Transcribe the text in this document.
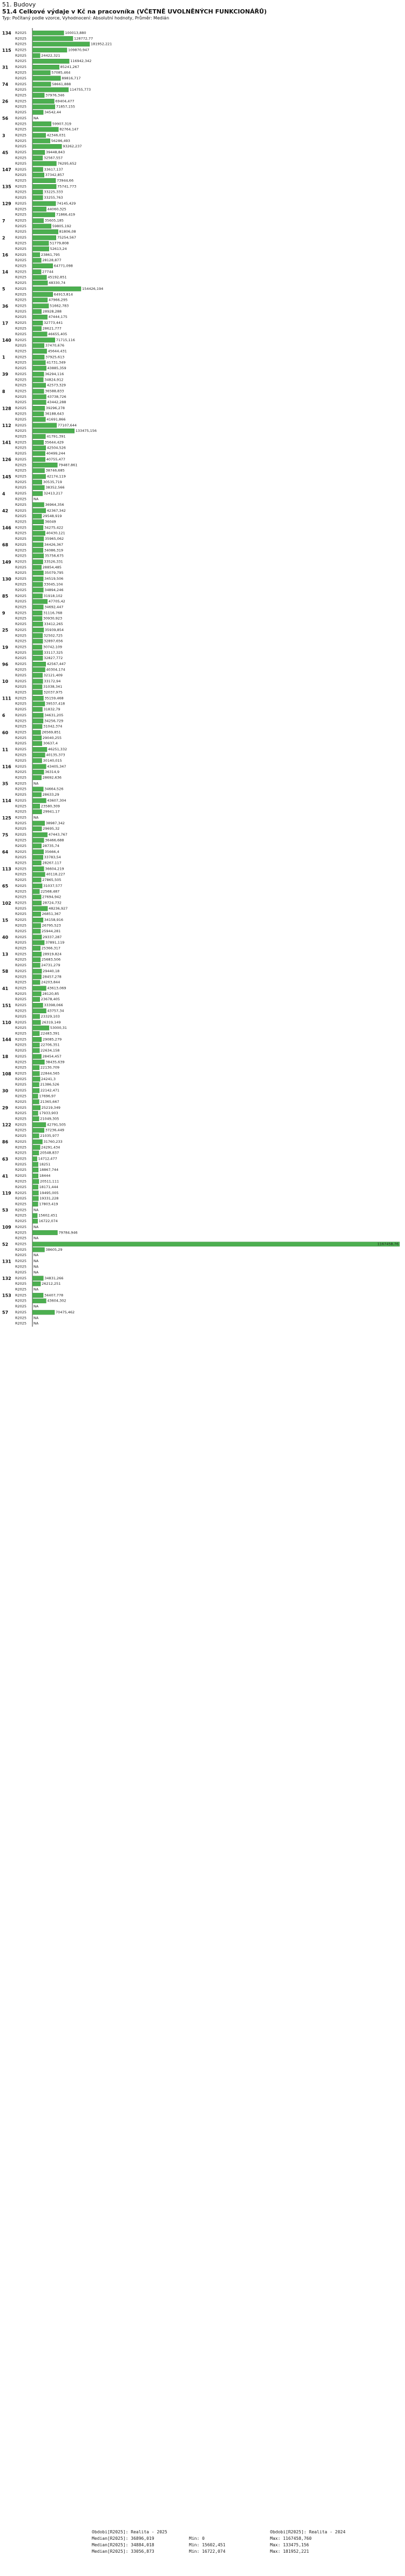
51. Budovy
51.4 Celkové výdaje v Kč na pracovníka (VČETNĚ UVOLNĚNÝCH FUNKCIONÁŘŮ)
Typ: Počítaný podle vzorce, Vyhodnocení: Absolutní hodnoty, Průměr: Medián
134 R2025	100013,880
R2025	128772,77
R2025	181952,221
115 R2025	109870,947
R2025	24422,321
R2025	116942,342
31 R2025	85241,267
R2025	57085,464
R2025	89816,717
74 R2025	58661,888
R2025	114755,773
R2025	37976,346
26 R2025	69404,477
R2025	71857,155
R2025	34542,44
56 R2025 NA
R2025	59907,319
R2025	82764,147
3	R2025	42346,031
R2025	56286,493
R2025	93262,237
45 R2025	39448,843
R2025	32567,557
R2025	76295,652
147 R2025	33617,137
R2025	37342,857
R2025	73944,66
135 R2025	75741,773
R2025	33225,333
R2025	33255,763
129 R2025	74145,429
R2025	44060,325
R2025	71866,419
7	R2025	35605,185
R2025	59805,192
R2025	81806,08
2	R2025	75254,567
R2025	51779,808
R2025	52613,24
16 R2025	23861,795
R2025	28128,877
R2025	64771,098
14 R2025	27744
R2025	45192,851
R2025	48330,74
5	R2025	154426,194
R2025	64913,814
R2025	47966,295
36 R2025	51662,783
R2025	28928,288
R2025	47444,175
17 R2025	32773,441
R2025	28621,777
R2025	46655,405
140 R2025	71715,116
R2025	37470,676
R2025	45644,431
1	R2025	37925,613
R2025	41731,349
R2025	43885,359
39 R2025	36294,116
R2025	34824,912
R2025	42573,329
8	R2025	36588,833
R2025	43738,726
R2025	43442,288
128 R2025	39296,278
R2025	36188,643
R2025	41691,866
112 R2025	77107,644
R2025	133475,156
R2025	41791,391
141 R2025	35644,429
R2025	42504,526
R2025	40499,244
126 R2025	40755,477
R2025	79487,861
R2025	38746,685
145 R2025	42174,119
R2025	30535,719
R2025	38352,566
4	R2025	32413,217
R2025 NA
R2025	36964,356
42 R2025	42367,342
R2025	29548,919
R2025	36049
146 R2025	34275,422
R2025	40430,121
R2025	35965,062
68 R2025	34426,367
R2025	34086,319
R2025	35756,675
149 R2025	33526,331
R2025	28854,485
R2025	35079,795
130 R2025	34519,506
R2025	33045,104
R2025	34894,246
85 R2025	31918,102
R2025	47705,42
R2025	34692,447
9	R2025	31116,768
R2025	30930,923
R2025	33412,265
25 R2025	35939,854
R2025	32502,725
R2025	32897,656
19 R2025	30742,109
R2025	33117,325
R2025	32827,772
96 R2025	42567,447
R2025	40304,174
R2025	32121,409
10 R2025	33172,94
R2025	31038,341
R2025	32037,975
111 R2025	35159,468
R2025	39537,418
R2025	31832,79
6	R2025	34631,205
R2025	34256,729
R2025	31042,374
60 R2025	26569,851
R2025	29040,255
R2025	30637,4
11 R2025	46251,332
R2025	40135,373
R2025	30140,015
116 R2025	43405,347
R2025	36314,9
R2025	28692,636
35 R2025 NA
R2025	34664,526
R2025	28633,29
114 R2025	43607,304
R2025	23580,309
R2025	29941,17
125 R2025 NA
R2025	38987,342
R2025	29695,32
75 R2025	47443,767
R2025	36466,688
R2025	28735,74
64 R2025	35666,4
R2025	33783,54
R2025	28267,117
113 R2025	36604,219
R2025	40118,227
R2025	27865,505
65 R2025	31037,577
R2025	22568,487
R2025	27694,942
102 R2025	28724,732
R2025	48236,927
R2025	26851,367
15 R2025	34158,916
R2025	26795,523
R2025	25944,281
40 R2025	29337,287
R2025	37891,119
R2025	25366,317
13 R2025	28919,824
R2025	25683,506
R2025	24731,279
58 R2025	29440,18
R2025	28457,278
R2025	24203,844
41 R2025	43613,069
R2025	28120,85
R2025	23678,405
151 R2025	33398,066
R2025	43757,34
R2025	23329,103
110 R2025	26319,149
R2025	53000,31
R2025	22483,391
144 R2025	29085,279
R2025	22706,351
R2025	22634,158
18 R2025	28454,457
R2025	38435,639
R2025	22130,709
108 R2025	22844,565
R2025	24241,3
R2025	21386,526
30 R2025	22142,471
R2025	17696,97
R2025	21365,667
29 R2025	25219,349
R2025	17933,903
R2025	21049,305
122 R2025	42791,505
R2025	37236,449
R2025	21035,977
86 R2025	31760,233
R2025	24291,434
R2025	20548,837
63 R2025	14712,477
R2025	18251
R2025	18867,744
41 R2025	18444
R2025	20511,111
R2025	18171,444
119 R2025	19495,005
R2025	19331,228
R2025	17803,419
53 R2025 NA
R2025	15602,451
R2025	16722,074
109 R2025 NA
R2025	79784,946
R2025 NA
52 R2025	1167458,76
R2025	38605,29
R2025 NA
131 R2025 NA
R2025 NA
R2025 NA
132 R2025	34831,266
R2025	26212,251
R2025 NA
153 R2025	34407,778
R2025	43604,302
R2025 NA
57 R2025	70475,462
R2025 NA
R2025 NA
Obdobi[R2025]: Realita - 2025	Obdobi[R2025]: Realita - 2024
Median[R2025]: 36896,019	Min: 0	Max: 1167458,760
Median[R2025]: 34884,018	Min: 15602,451	Max: 133475,156
Median[R2025]: 33056,873	Min: 16722,074	Max: 181952,221
